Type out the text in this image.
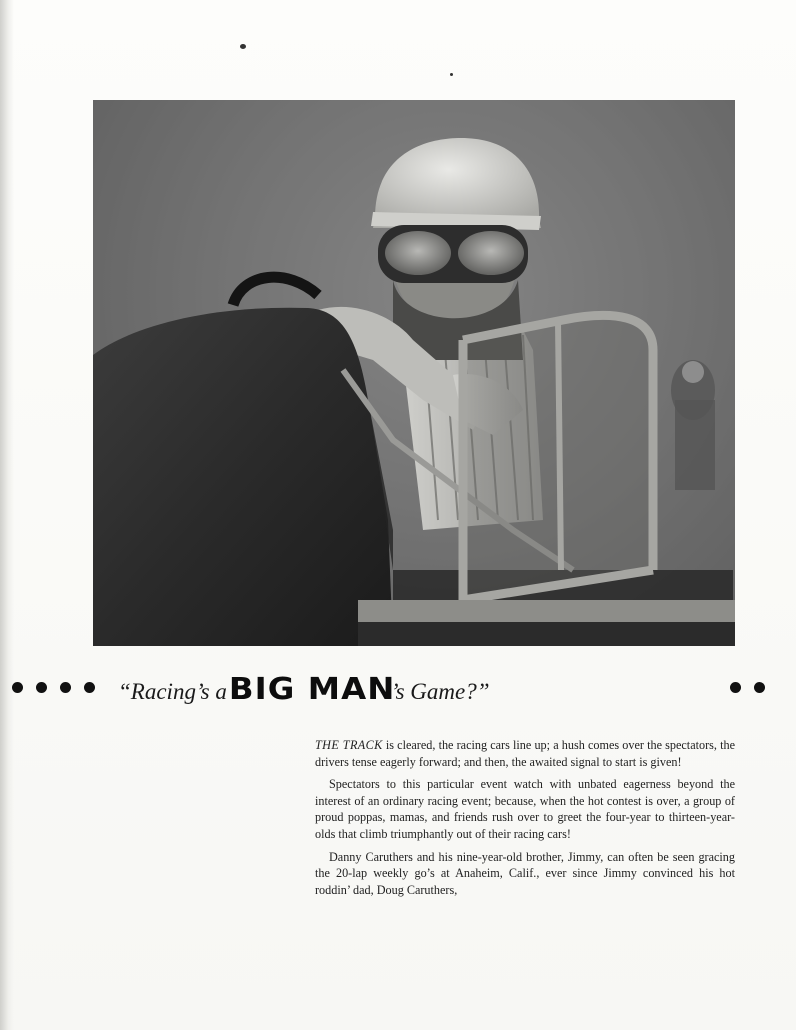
“Racing’s a BIG MAN’s Game?”

THE TRACK is cleared, the racing cars line up; a hush comes over the spectators, the drivers tense eagerly forward; and then, the awaited signal to start is given!

Spectators to this particular event watch with unbated eagerness beyond the interest of an ordinary racing event; because, when the hot contest is over, a group of proud poppas, mamas, and friends rush over to greet the four-year to thirteen-year-olds that climb triumphantly out of their racing cars!

Danny Caruthers and his nine-year-old brother, Jimmy, can often be seen gracing the 20-lap weekly go’s at Anaheim, Calif., ever since Jimmy convinced his hot roddin’ dad, Doug Caruthers,
